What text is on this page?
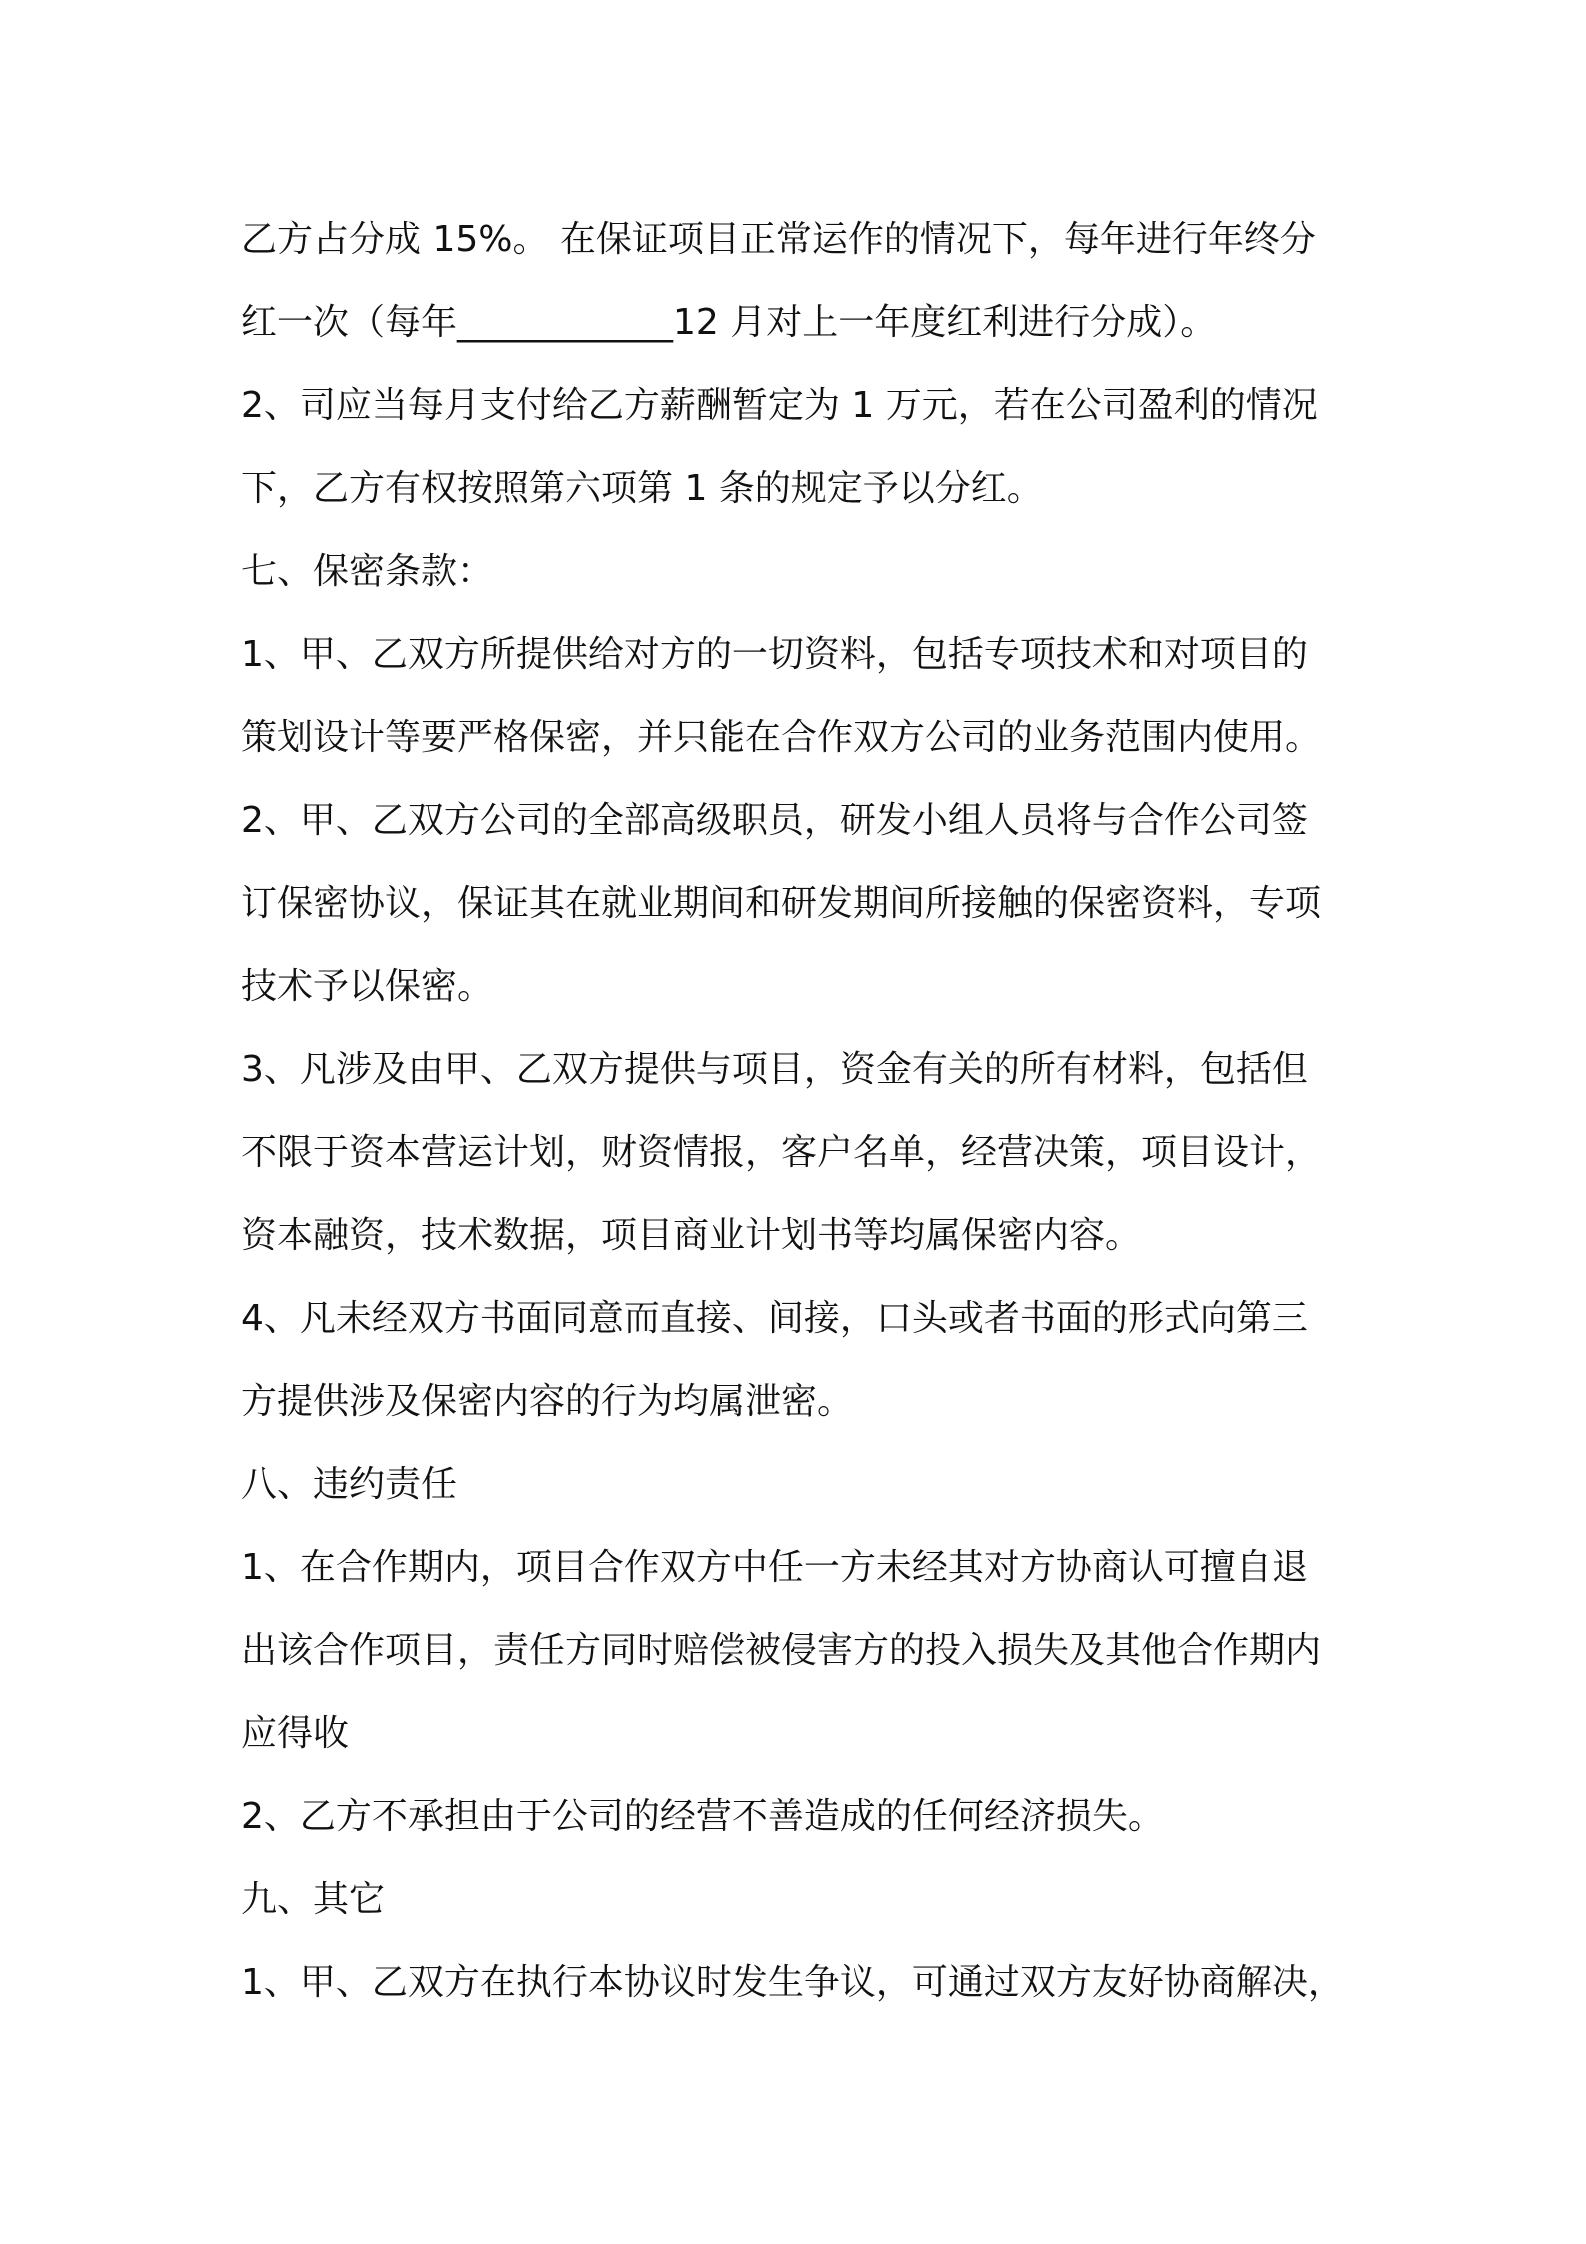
乙方占分成 15%。 在保证项目正常运作的情况下，每年进行年终分
红一次（每年____________12 月对上一年度红利进行分成）。
2、司应当每月支付给乙方薪酬暂定为 1 万元，若在公司盈利的情况
下，乙方有权按照第六项第 1 条的规定予以分红。
七、保密条款：
1、甲、乙双方所提供给对方的一切资料，包括专项技术和对项目的
策划设计等要严格保密，并只能在合作双方公司的业务范围内使用。
2、甲、乙双方公司的全部高级职员，研发小组人员将与合作公司签
订保密协议，保证其在就业期间和研发期间所接触的保密资料，专项
技术予以保密。
3、凡涉及由甲、乙双方提供与项目，资金有关的所有材料，包括但
不限于资本营运计划，财资情报，客户名单，经营决策，项目设计，
资本融资，技术数据，项目商业计划书等均属保密内容。
4、凡未经双方书面同意而直接、间接，口头或者书面的形式向第三
方提供涉及保密内容的行为均属泄密。
八、违约责任
1、在合作期内，项目合作双方中任一方未经其对方协商认可擅自退
出该合作项目，责任方同时赔偿被侵害方的投入损失及其他合作期内
应得收
2、乙方不承担由于公司的经营不善造成的任何经济损失。
九、其它
1、甲、乙双方在执行本协议时发生争议，可通过双方友好协商解决，
